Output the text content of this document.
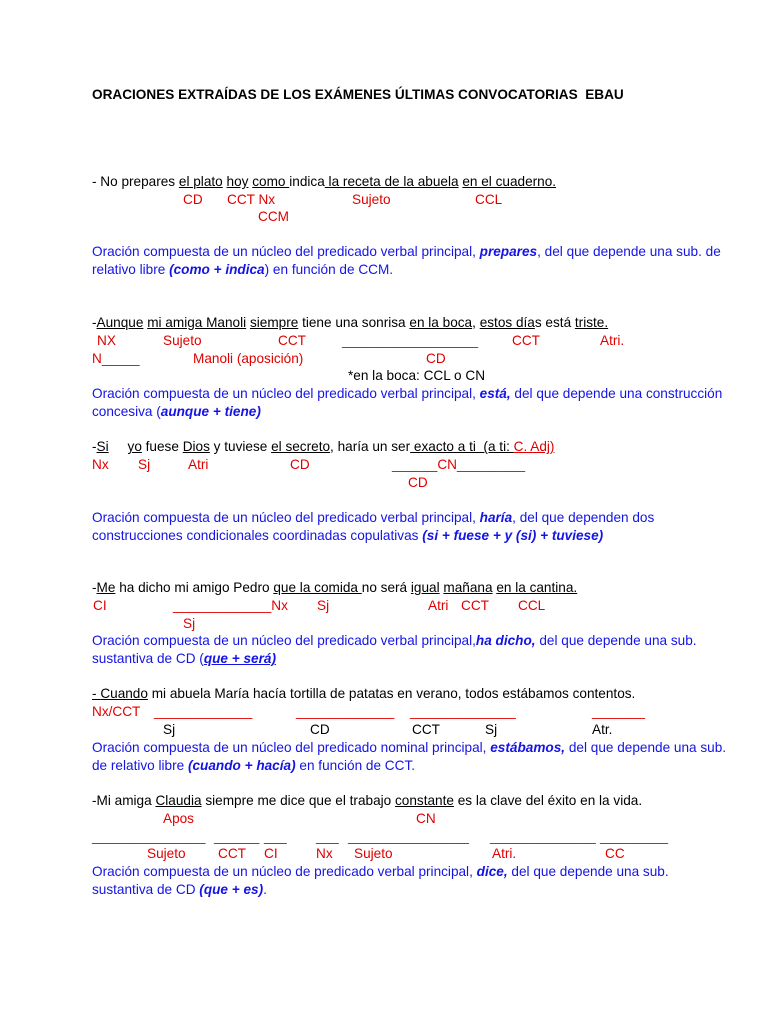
ORACIONES EXTRAÍDAS DE LOS EXÁMENES ÚLTIMAS CONVOCATORIAS  EBAU
- No prepares el plato hoy como indica la receta de la abuela en el cuaderno.
CD CCT Nx	Sujeto	CCL
CCM
Oración compuesta de un núcleo del predicado verbal principal, prepares, del que depende una sub. de
relativo libre (como + indica) en función de CCM.
-Aunque mi amiga Manoli siempre tiene una sonrisa en la boca, estos días está triste.
NX	Sujeto	CCT	__________________ CCT	Atri.
N_____	Manoli (aposición)	CD
*en la boca: CCL o CN
Oración compuesta de un núcleo del predicado verbal principal, está, del que depende una construcción
concesiva (aunque + tiene)
-Si yo fuese Dios y tuviese el secreto, haría un ser exacto a ti  (a ti: C. Adj)
Nx Sj	Atri	CD	______CN_________
CD
Oración compuesta de un núcleo del predicado verbal principal, haría, del que dependen dos
construcciones condicionales coordinadas copulativas (si + fuese + y (si) + tuviese)
-Me ha dicho mi amigo Pedro que la comida no será igual mañana en la cantina.
CI	_____________Nx Sj	Atri CCT CCL
Sj
Oración compuesta de un núcleo del predicado verbal principal,ha dicho, del que depende una sub.
sustantiva de CD (que + será)
- Cuando mi abuela María hacía tortilla de patatas en verano, todos estábamos contentos.
Nx/CCT _____________	_____________ _________ _____	_______
Sj	CD	CCT	Sj	Atr.
Oración compuesta de un núcleo del predicado nominal principal, estábamos, del que depende una sub.
de relativo libre (cuando + hacía) en función de CCT.
-Mi amiga Claudia siempre me dice que el trabajo constante es la clave del éxito en la vida.
Apos	CN
_______________ ______ ___ ___ ________________ ______________ _________
Sujeto CCT CI	Nx Sujeto	Atri.	CC
Oración compuesta de un núcleo de predicado verbal principal, dice, del que depende una sub.
sustantiva de CD (que + es).
